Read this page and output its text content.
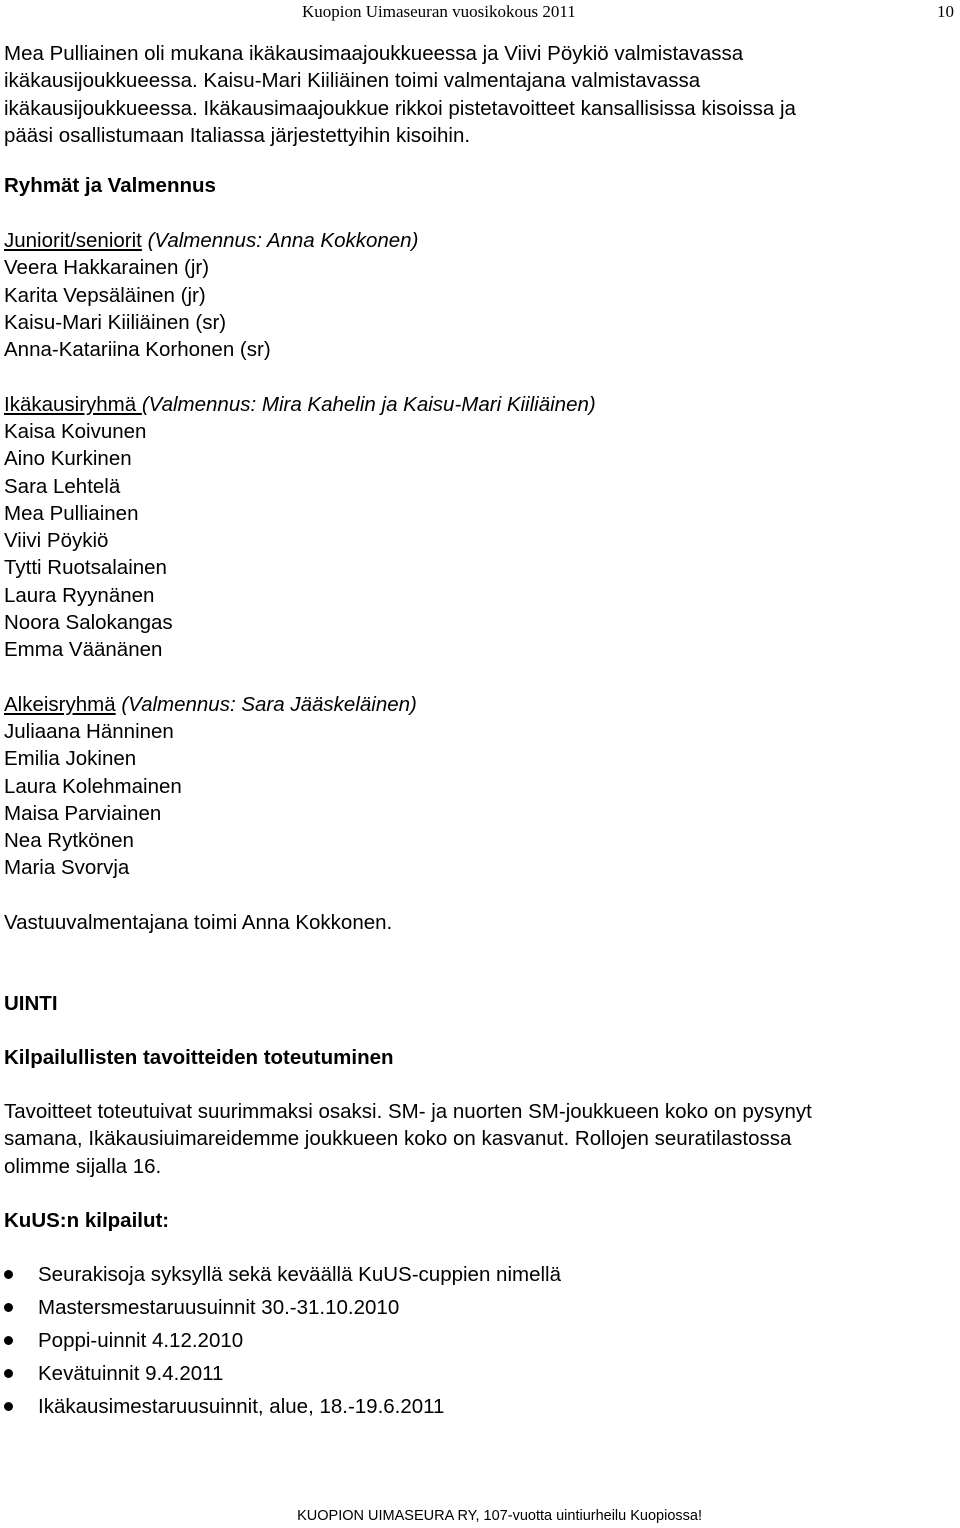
Kuopion Uimaseuran vuosikokous 2011	10

Mea Pulliainen oli mukana ikäkausimaajoukkueessa ja Viivi Pöykiö valmistavassa

ikäkausijoukkueessa. Kaisu-Mari Kiiliäinen toimi valmentajana valmistavassa

ikäkausijoukkueessa. Ikäkausimaajoukkue rikkoi pistetavoitteet kansallisissa kisoissa ja

pääsi osallistumaan Italiassa järjestettyihin kisoihin.

Ryhmät ja Valmennus

Juniorit/seniorit (Valmennus: Anna Kokkonen)

Veera Hakkarainen (jr)

Karita Vepsäläinen (jr)

Kaisu-Mari Kiiliäinen (sr)

Anna-Katariina Korhonen (sr)

Ikäkausiryhmä (Valmennus: Mira Kahelin ja Kaisu-Mari Kiiliäinen)

Kaisa Koivunen

Aino Kurkinen

Sara Lehtelä

Mea Pulliainen

Viivi Pöykiö

Tytti Ruotsalainen

Laura Ryynänen

Noora Salokangas

Emma Väänänen

Alkeisryhmä (Valmennus: Sara Jääskeläinen)

Juliaana Hänninen

Emilia Jokinen

Laura Kolehmainen

Maisa Parviainen

Nea Rytkönen

Maria Svorvja

Vastuuvalmentajana toimi Anna Kokkonen.

UINTI

Kilpailullisten tavoitteiden toteutuminen

Tavoitteet toteutuivat suurimmaksi osaksi. SM- ja nuorten SM-joukkueen koko on pysynyt

samana, Ikäkausiuimareidemme joukkueen koko on kasvanut. Rollojen seuratilastossa

olimme sijalla 16.

KuUS:n kilpailut:

Seurakisoja syksyllä sekä keväällä KuUS-cuppien nimellä
Mastersmestaruusuinnit 30.-31.10.2010
Poppi-uinnit 4.12.2010
Kevätuinnit 9.4.2011
Ikäkausimestaruusuinnit, alue, 18.-19.6.2011
KUOPION UIMASEURA RY, 107-vuotta uintiurheilu Kuopiossa!
